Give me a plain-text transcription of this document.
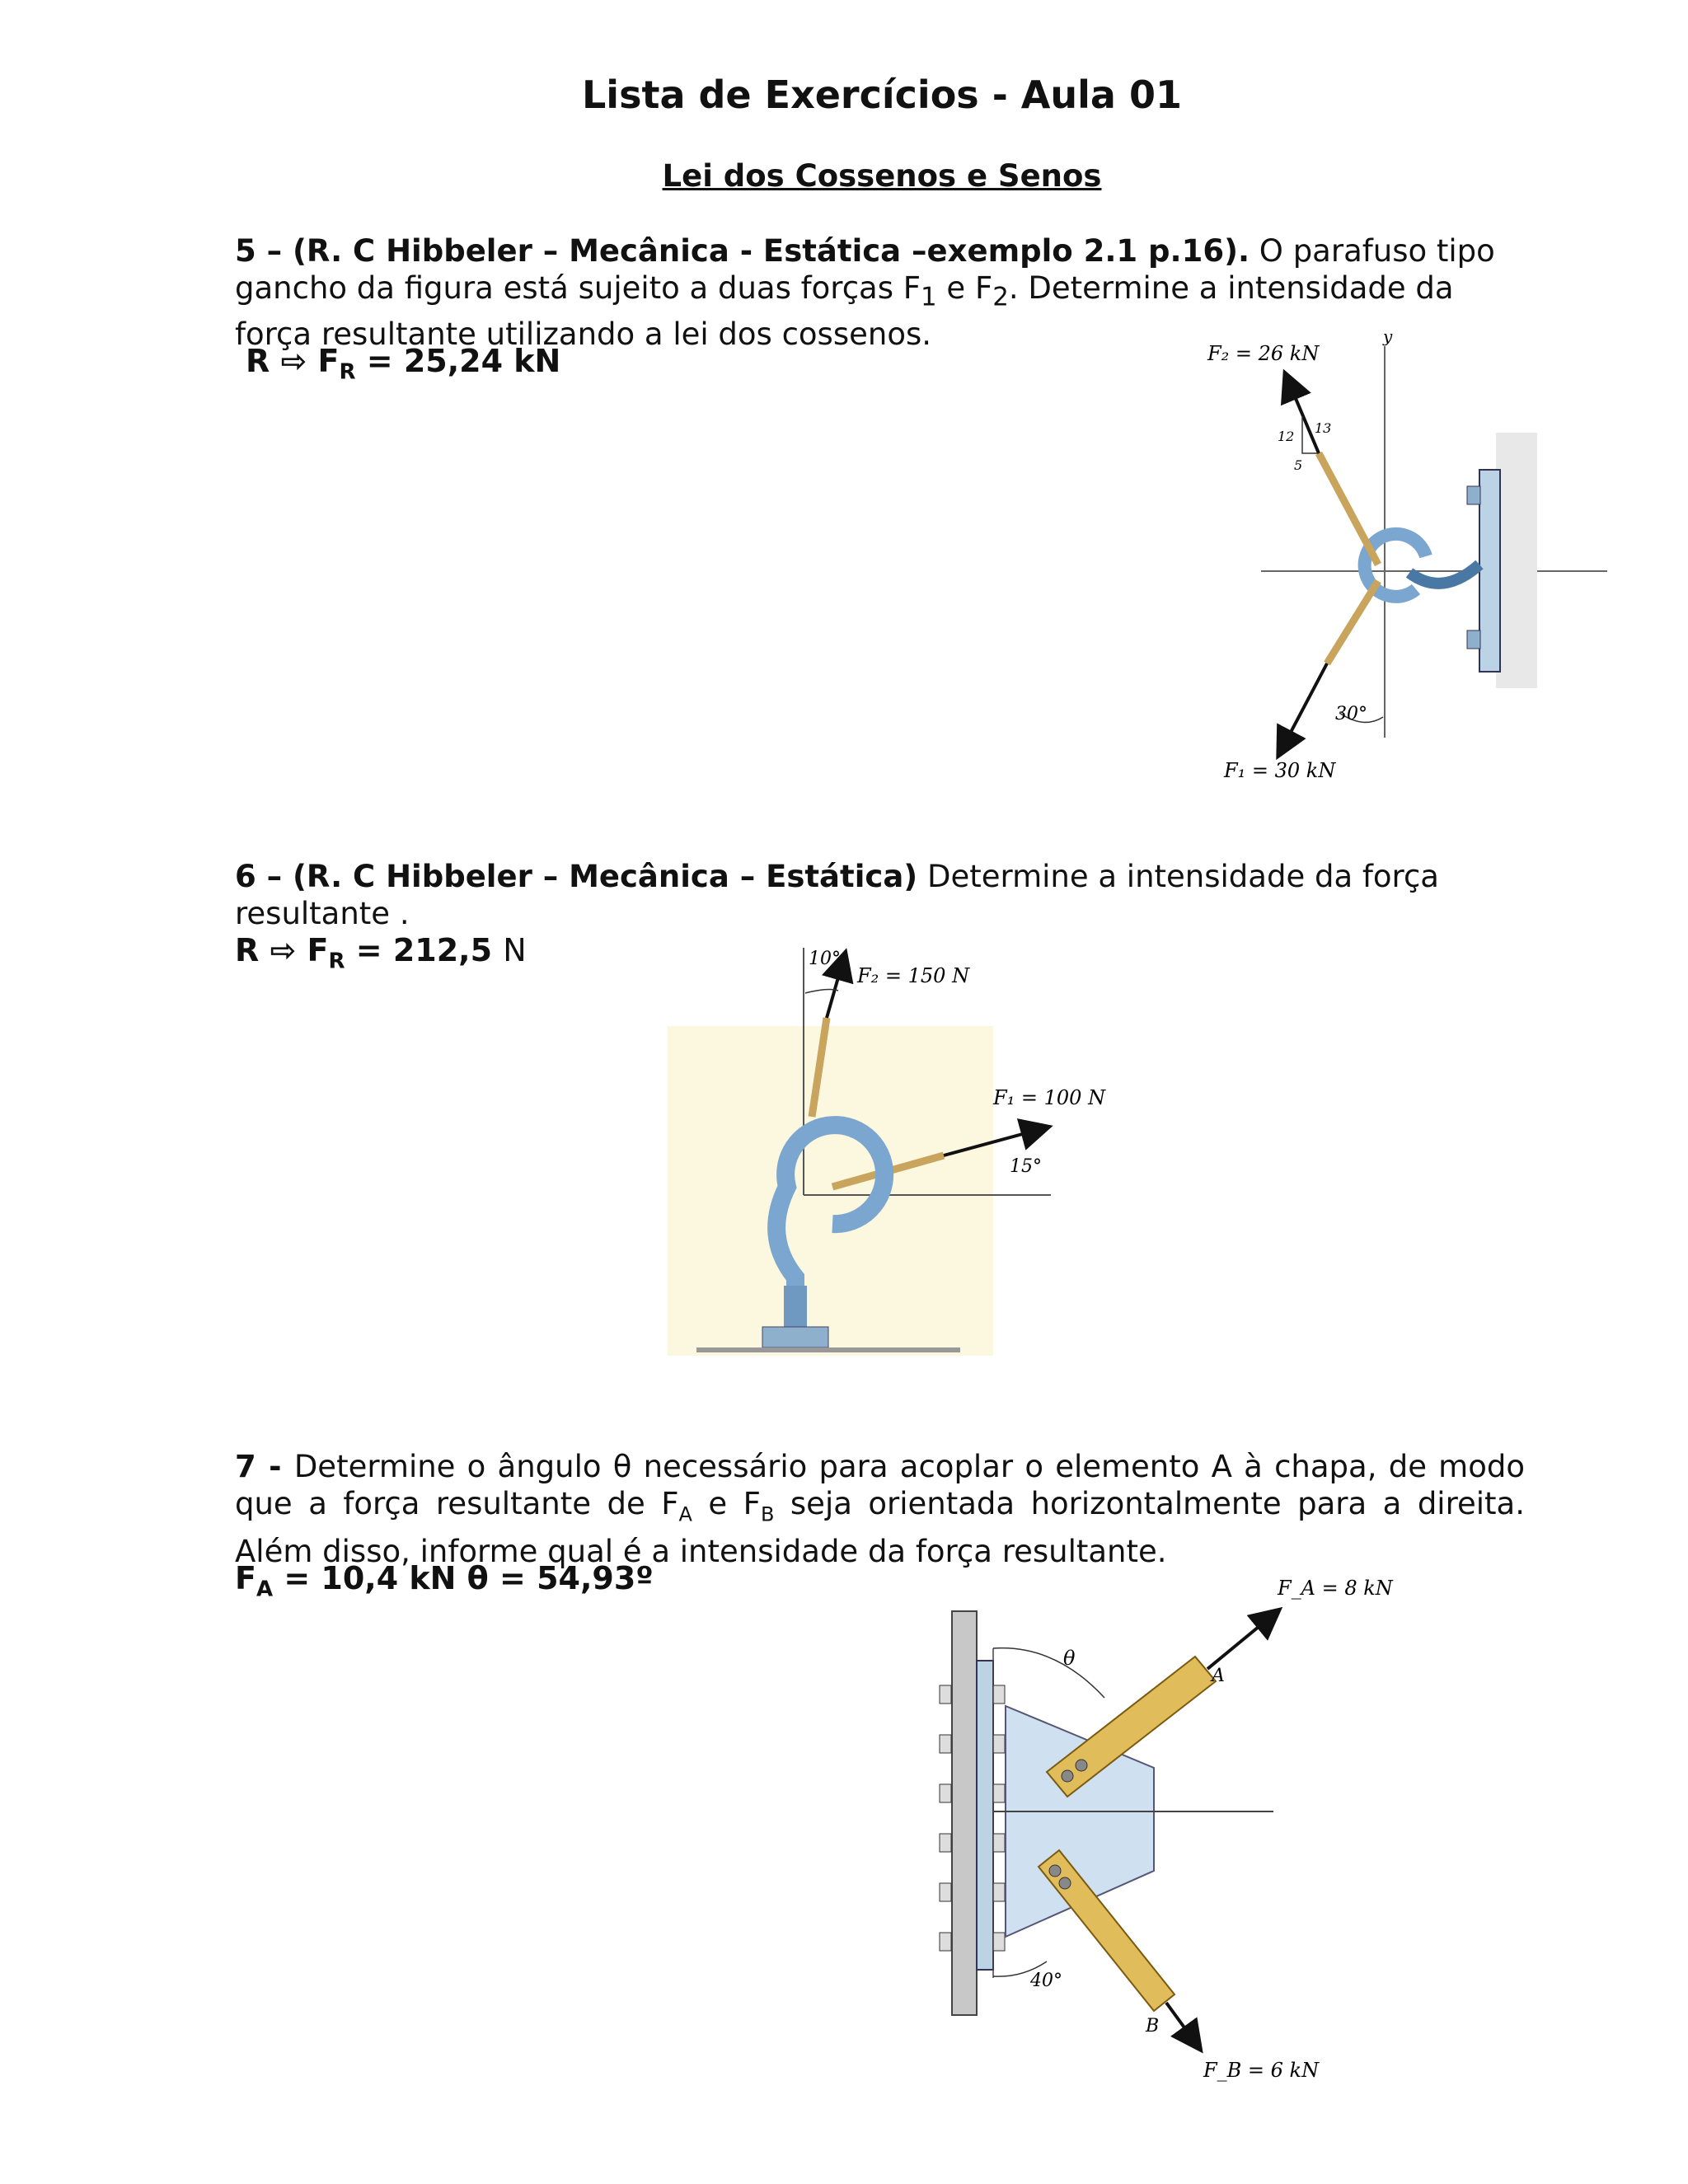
Lista de Exercícios - Aula 01
Lei dos Cossenos e Senos
5 – (R. C Hibbeler – Mecânica - Estática –exemplo 2.1 p.16). O parafuso tipo gancho da figura está sujeito a duas forças $F_1$ e $F_2$. Determine a intensidade da força resultante utilizando a lei dos cossenos.
R ⇨ $F_R = 25,24$ kN
y
F₂ = 26 kN
12
13
5
F₁ = 30 kN
30°
6 – (R. C Hibbeler – Mecânica – Estática) Determine a intensidade da força resultante .
R ⇨ $F_R = 212,5$ N	10°
F₂ = 150 N
F₁ = 100 N
15°
7 - Determine o ângulo θ necessário para acoplar o elemento A à chapa, de modo que a força resultante de $F_A$ e $F_B$ seja orientada horizontalmente para a direita. Além disso, informe qual é a intensidade da força resultante.
$F_A = 10,4$ kN θ = 54,93º	F_A = 8 kN
A
θ
F_B = 6 kN
B
40°
